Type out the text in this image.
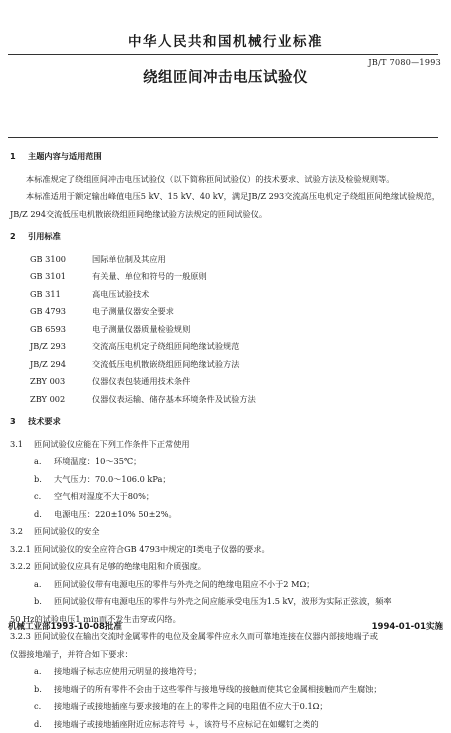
中华人民共和国机械行业标准
JB/T 7080—1993
绕组匝间冲击电压试验仪
1 主题内容与适用范围

本标准规定了绕组匝间冲击电压试验仪（以下简称匝间试验仪）的技术要求、试验方法及检验规则等。

本标准适用于额定输出峰值电压5 kV、15 kV、40 kV，满足JB/Z 293交流高压电机定子绕组匝间绝缘试验规范，JB/Z 294交流低压电机散嵌绕组匝间绝缘试验方法规定的匝间试验仪。

2 引用标准
GB 3100	国际单位制及其应用
GB 3101	有关量、单位和符号的一般原则
GB 311	高电压试验技术
GB 4793	电子测量仪器安全要求
GB 6593	电子测量仪器质量检验规则
JB/Z 293	交流高压电机定子绕组匝间绝缘试验规范
JB/Z 294	交流低压电机散嵌绕组匝间绝缘试验方法
ZBY 003	仪器仪表包装通用技术条件
ZBY 002	仪器仪表运输、储存基本环境条件及试验方法
3 技术要求
3.1	匝间试验仪应能在下列工作条件下正常使用
a.	环境温度：10～35℃；
b.	大气压力：70.0～106.0 kPa；
c.	空气相对湿度不大于80%；
d.	电源电压：220±10% 50±2%。
3.2	匝间试验仪的安全
3.2.1 匝间试验仪的安全应符合GB 4793中规定的Ⅰ类电子仪器的要求。
3.2.2 匝间试验仪应具有足够的绝缘电阻和介质强度。
a.	匝间试验仪带有电源电压的零件与外壳之间的绝缘电阻应不小于2 MΩ；
b.	匝间试验仪带有电源电压的零件与外壳之间应能承受电压为1.5 kV，波形为实际正弦波，频率
50 Hz的试验电压1 min而不发生击穿或闪络。
3.2.3 匝间试验仪在输出交流时金属零件的电位及金属零件应永久而可靠地连接在仪器内部接地端子或
仪器接地端子，并符合如下要求：
a.	接地端子标志应使用元明显的接地符号；
b.	接地端子的所有零件不会由于这些零件与接地导线的接触而使其它金属相接触而产生腐蚀；
c.	接地端子或接地插座与要求接地的在上的零件之间的电阻值不应大于0.1Ω；
d.	接地端子或接地插座附近应标志符号 ⏚，该符号不应标记在如螺钉之类的
机械工业部1993-10-08批准	1994-01-01实施
